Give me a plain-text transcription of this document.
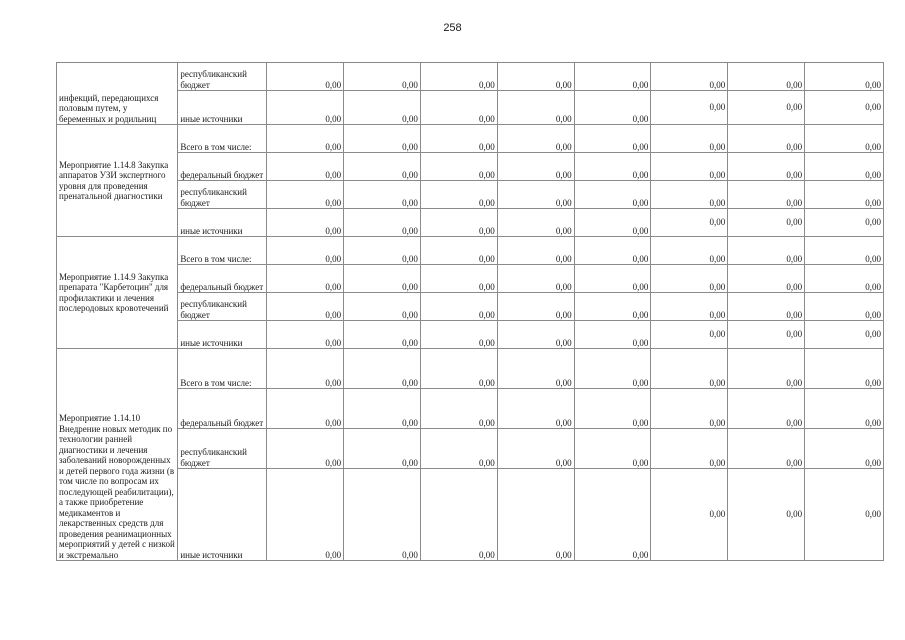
258
инфекций, передающихся половым путем, у беременных и родильниц	республиканский бюджет	0,00	0,00	0,00	0,00	0,00	0,00	0,00	0,00
	иные источники	0,00	0,00	0,00	0,00	0,00	0,00	0,00	0,00
Мероприятие 1.14.8 Закупка аппаратов УЗИ экспертного уровня для проведения пренатальной диагностики	Всего в том числе:	0,00	0,00	0,00	0,00	0,00	0,00	0,00	0,00
	федеральный бюджет	0,00	0,00	0,00	0,00	0,00	0,00	0,00	0,00
	республиканский бюджет	0,00	0,00	0,00	0,00	0,00	0,00	0,00	0,00
	иные источники	0,00	0,00	0,00	0,00	0,00	0,00	0,00	0,00
Мероприятие 1.14.9 Закупка препарата "Карбетоцин" для профилактики и лечения послеродовых кровотечений	Всего в том числе:	0,00	0,00	0,00	0,00	0,00	0,00	0,00	0,00
	федеральный бюджет	0,00	0,00	0,00	0,00	0,00	0,00	0,00	0,00
	республиканский бюджет	0,00	0,00	0,00	0,00	0,00	0,00	0,00	0,00
	иные источники	0,00	0,00	0,00	0,00	0,00	0,00	0,00	0,00
Мероприятие 1.14.10 Внедрение новых методик по технологии ранней диагностики и лечения заболеваний новорожденных и детей первого года жизни (в том числе по вопросам их последующей реабилитации), а также приобретение медикаментов и лекарственных средств для проведения реанимационных мероприятий у детей с низкой и экстремально	Всего в том числе:	0,00	0,00	0,00	0,00	0,00	0,00	0,00	0,00
	федеральный бюджет	0,00	0,00	0,00	0,00	0,00	0,00	0,00	0,00
	республиканский бюджет	0,00	0,00	0,00	0,00	0,00	0,00	0,00	0,00
	иные источники	0,00	0,00	0,00	0,00	0,00	0,00	0,00	0,00
